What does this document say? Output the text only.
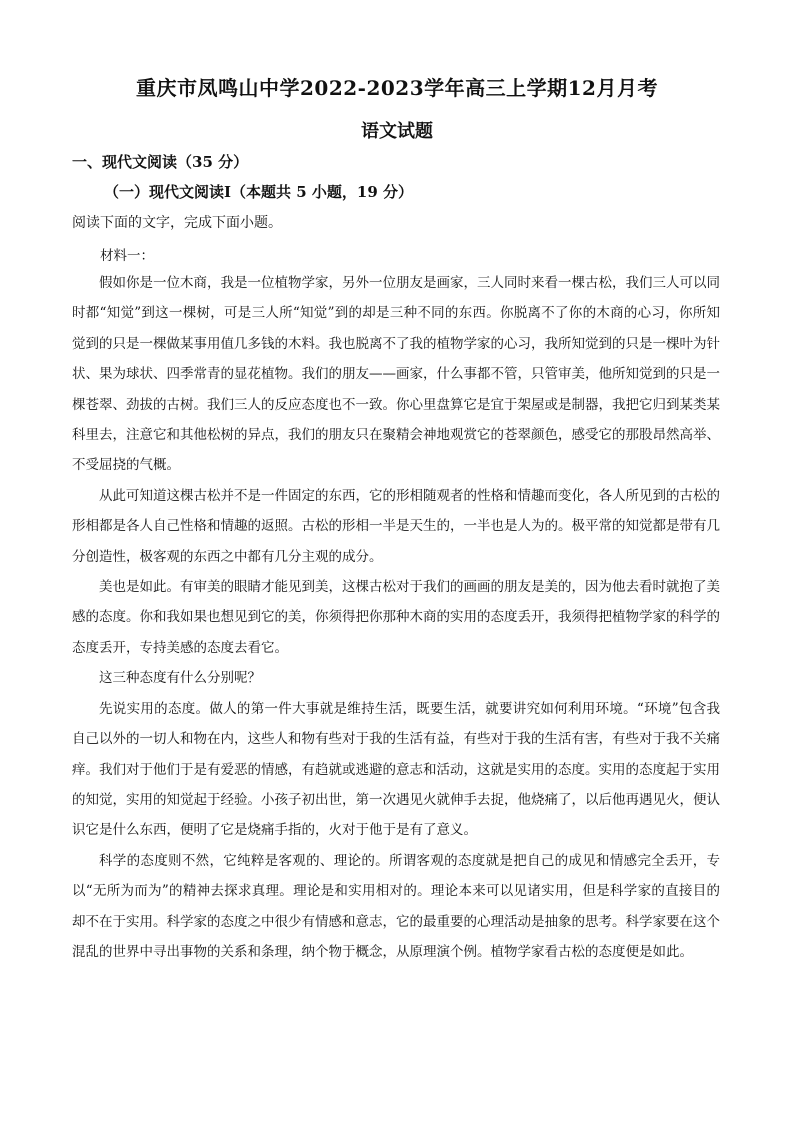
重庆市凤鸣山中学2022-2023学年高三上学期12月月考
语文试题
一、现代文阅读（35 分）
（一）现代文阅读Ⅰ（本题共 5 小题，19 分）
阅读下面的文字，完成下面小题。
材料一：

假如你是一位木商，我是一位植物学家，另外一位朋友是画家，三人同时来看一棵古松，我们三人可以同时都“知觉”到这一棵树，可是三人所“知觉”到的却是三种不同的东西。你脱离不了你的木商的心习，你所知觉到的只是一棵做某事用值几多钱的木料。我也脱离不了我的植物学家的心习，我所知觉到的只是一棵叶为针状、果为球状、四季常青的显花植物。我们的朋友——画家，什么事都不管，只管审美，他所知觉到的只是一棵苍翠、劲拔的古树。我们三人的反应态度也不一致。你心里盘算它是宜于架屋或是制器，我把它归到某类某科里去，注意它和其他松树的异点，我们的朋友只在聚精会神地观赏它的苍翠颜色，感受它的那股昂然高举、不受屈挠的气概。

从此可知道这棵古松并不是一件固定的东西，它的形相随观者的性格和情趣而变化，各人所见到的古松的形相都是各人自己性格和情趣的返照。古松的形相一半是天生的，一半也是人为的。极平常的知觉都是带有几分创造性，极客观的东西之中都有几分主观的成分。

美也是如此。有审美的眼睛才能见到美，这棵古松对于我们的画画的朋友是美的，因为他去看时就抱了美感的态度。你和我如果也想见到它的美，你须得把你那种木商的实用的态度丢开，我须得把植物学家的科学的态度丢开，专持美感的态度去看它。

这三种态度有什么分别呢？

先说实用的态度。做人的第一件大事就是维持生活，既要生活，就要讲究如何利用环境。“环境”包含我自己以外的一切人和物在内，这些人和物有些对于我的生活有益，有些对于我的生活有害，有些对于我不关痛痒。我们对于他们于是有爱恶的情感，有趋就或逃避的意志和活动，这就是实用的态度。实用的态度起于实用的知觉，实用的知觉起于经验。小孩子初出世，第一次遇见火就伸手去捉，他烧痛了，以后他再遇见火，便认识它是什么东西，便明了它是烧痛手指的，火对于他于是有了意义。

科学的态度则不然，它纯粹是客观的、理论的。所谓客观的态度就是把自己的成见和情感完全丢开，专以“无所为而为”的精神去探求真理。理论是和实用相对的。理论本来可以见诸实用，但是科学家的直接目的却不在于实用。科学家的态度之中很少有情感和意志，它的最重要的心理活动是抽象的思考。科学家要在这个混乱的世界中寻出事物的关系和条理，纳个物于概念，从原理演个例。植物学家看古松的态度便是如此。
